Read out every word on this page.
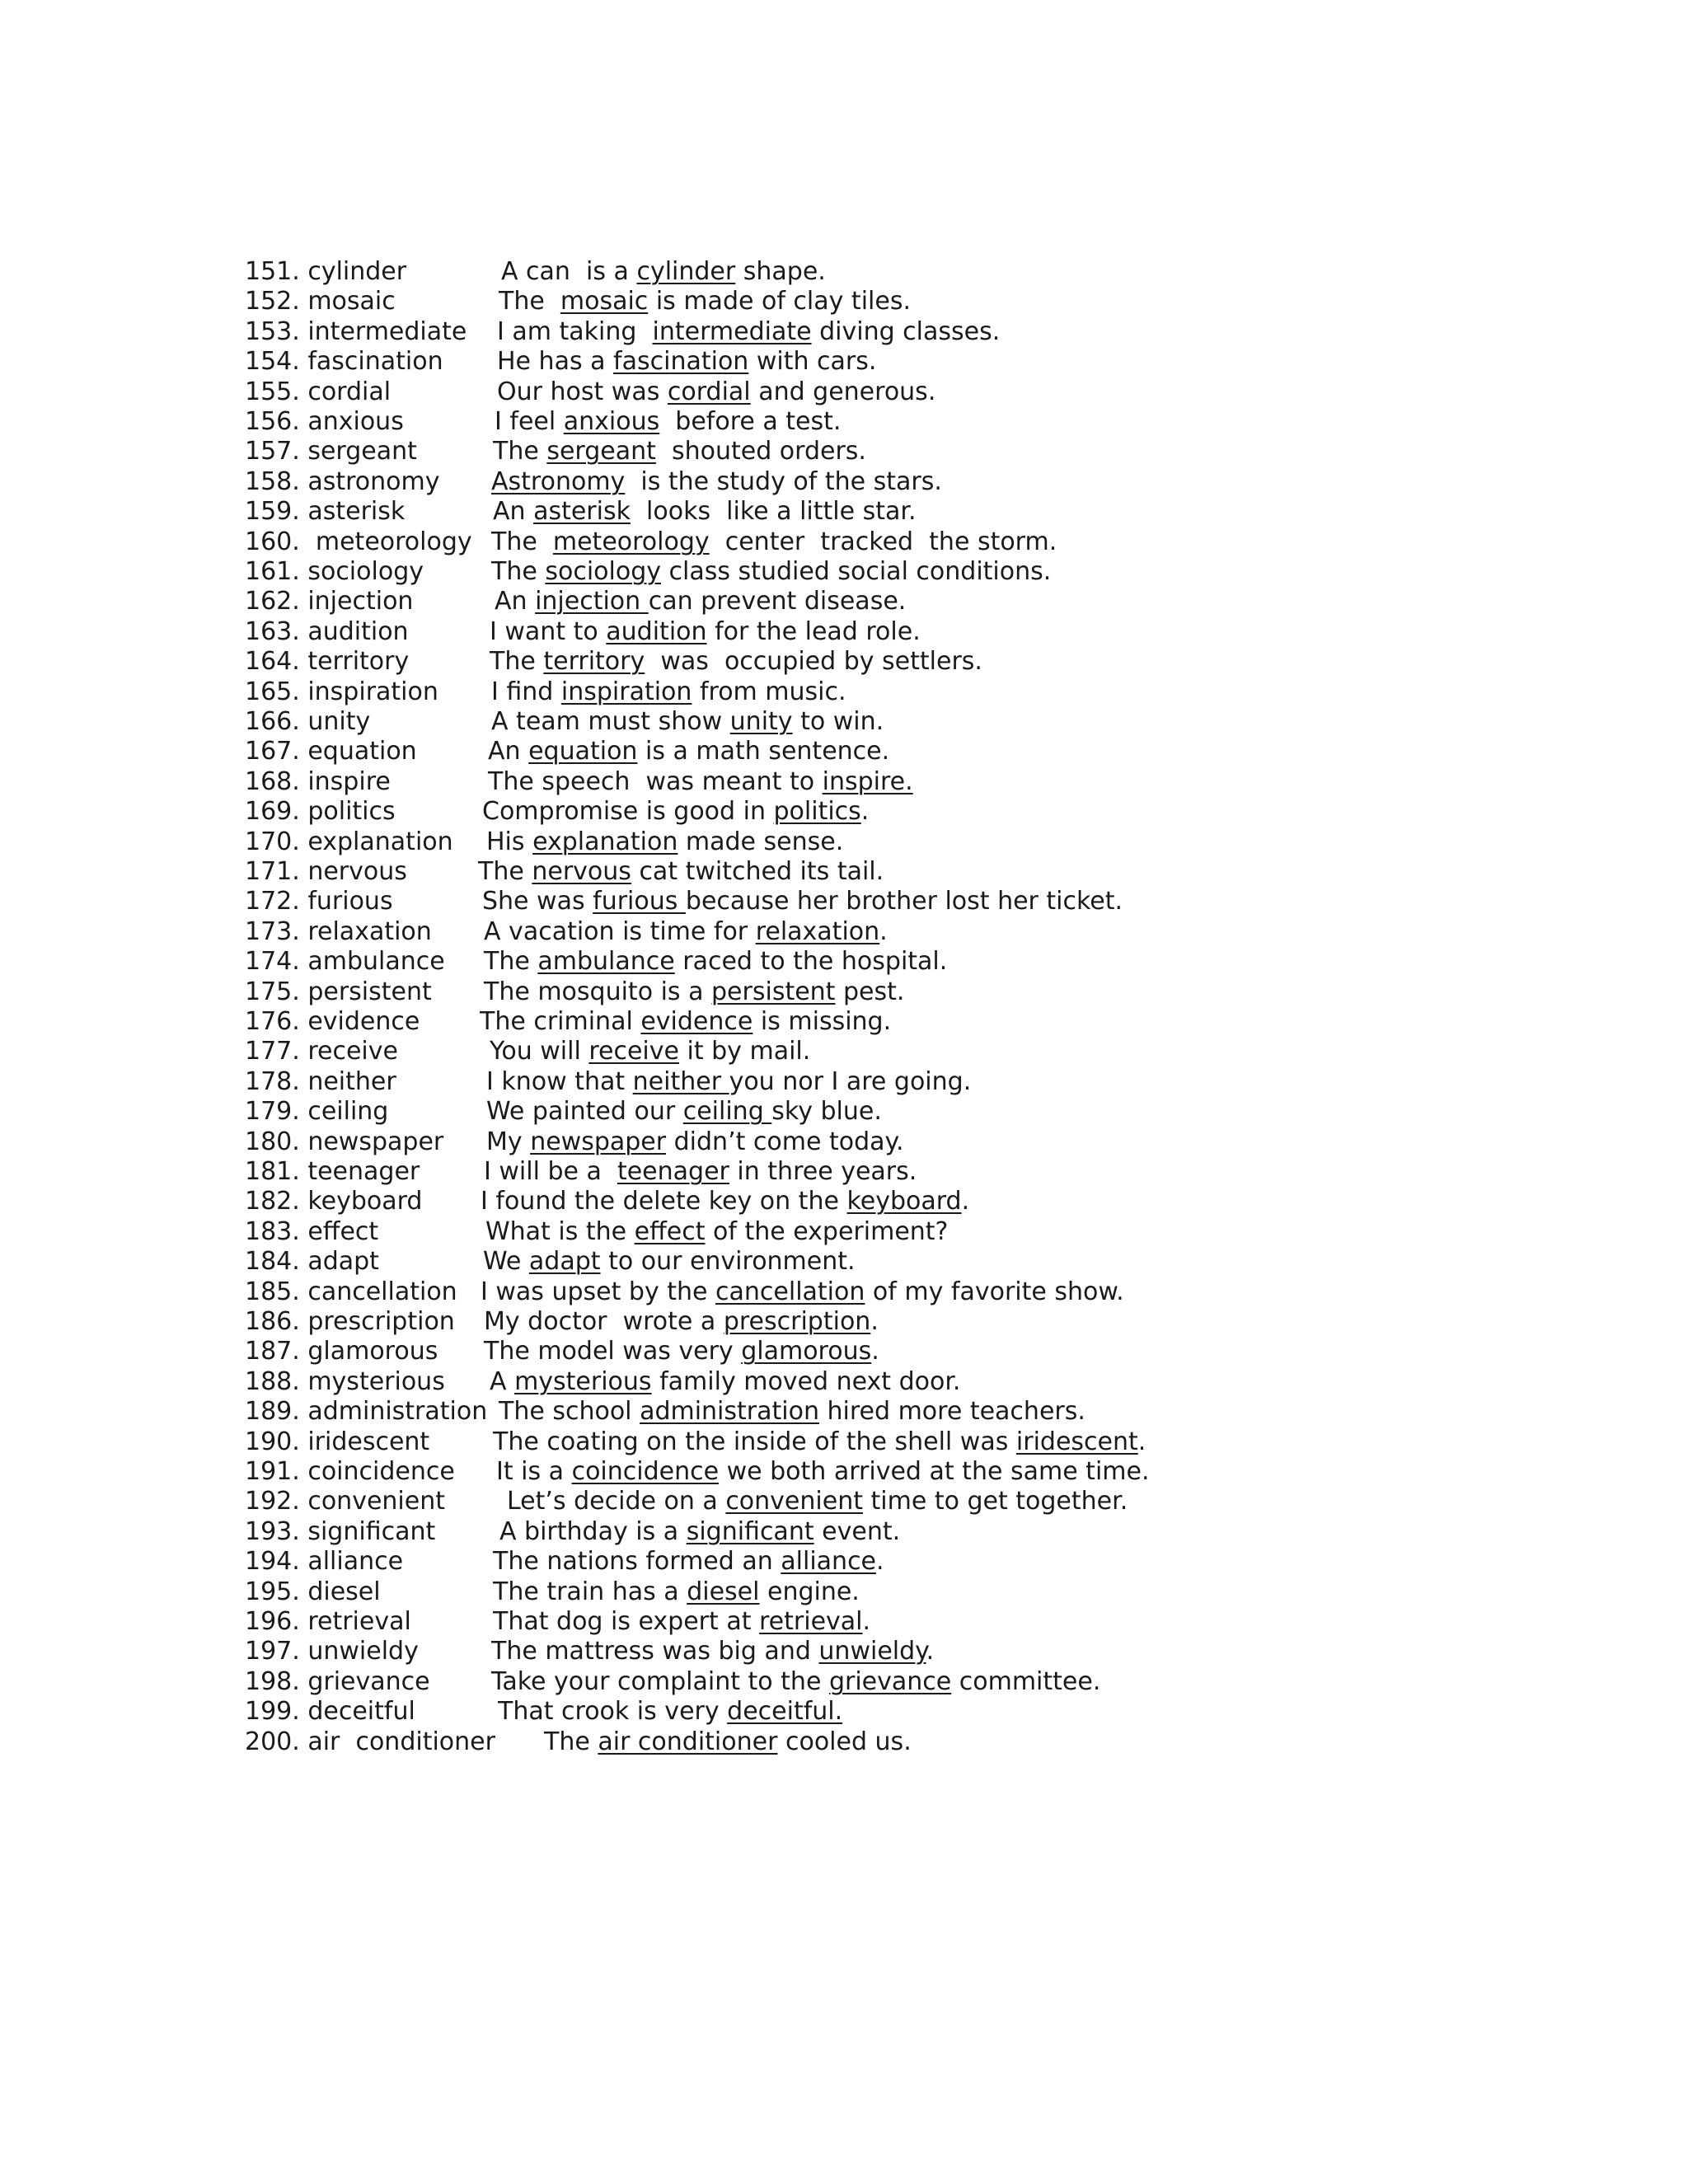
151. cylinder	A can  is a cylinder shape.
152. mosaic	The  mosaic is made of clay tiles.
153. intermediate I am taking  intermediate diving classes.
154. fascination He has a fascination with cars.
155. cordial	Our host was cordial and generous.
156. anxious	I feel anxious  before a test.
157. sergeant	The sergeant  shouted orders.
158. astronomy Astronomy  is the study of the stars.
159. asterisk	An asterisk  looks  like a little star.
160.  meteorology The  meteorology  center  tracked  the storm.
161. sociology	The sociology class studied social conditions.
162. injection	An injection can prevent disease.
163. audition	I want to audition for the lead role.
164. territory	The territory  was  occupied by settlers.
165. inspiration I find inspiration from music.
166. unity	A team must show unity to win.
167. equation	An equation is a math sentence.
168. inspire	The speech  was meant to inspire.
169. politics	Compromise is good in politics.
170. explanation His explanation made sense.
171. nervous	The nervous cat twitched its tail.
172. furious	She was furious because her brother lost her ticket.
173. relaxation A vacation is time for relaxation.
174. ambulance The ambulance raced to the hospital.
175. persistent The mosquito is a persistent pest.
176. evidence The criminal evidence is missing.
177. receive	You will receive it by mail.
178. neither	I know that neither you nor I are going.
179. ceiling	We painted our ceiling sky blue.
180. newspaper My newspaper didn’t come today.
181. teenager	I will be a  teenager in three years.
182. keyboard I found the delete key on the keyboard.
183. effect	What is the effect of the experiment?
184. adapt	We adapt to our environment.
185. cancellation I was upset by the cancellation of my favorite show.
186. prescription My doctor  wrote a prescription.
187. glamorous The model was very glamorous.
188. mysterious A mysterious family moved next door.
189. administration The school administration hired more teachers.
190. iridescent	The coating on the inside of the shell was iridescent.
191. coincidence It is a coincidence we both arrived at the same time.
192. convenient	Let’s decide on a convenient time to get together.
193. significant	A birthday is a significant event.
194. alliance	The nations formed an alliance.
195. diesel	The train has a diesel engine.
196. retrieval	That dog is expert at retrieval.
197. unwieldy	The mattress was big and unwieldy.
198. grievance Take your complaint to the grievance committee.
199. deceitful	That crook is very deceitful.
200. air  conditioner The air conditioner cooled us.
